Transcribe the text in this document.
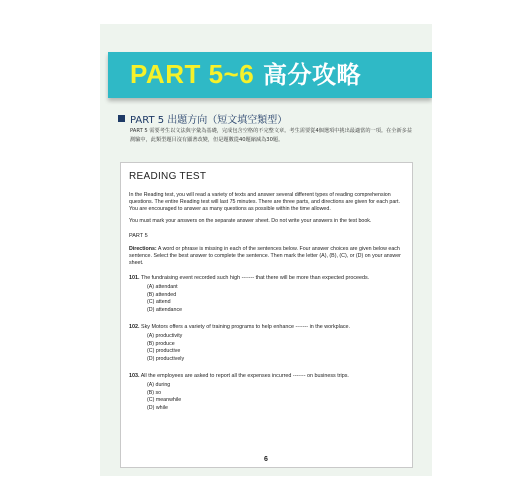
PART 5~6 高分攻略
PART 5 出題方向（短文填空類型）
PART 5 需要考生以文法與字彙為基礎，完成包含空格的不完整文章。考生需要從4個選項中挑出最適當的一項。在全新多益測驗中，此類型題目沒有顯著改變，但是題數從40題縮減為30題。
READING TEST

In the Reading test, you will read a variety of texts and answer several different types of reading comprehension questions. The entire Reading test will last 75 minutes. There are three parts, and directions are given for each part. You are encouraged to answer as many questions as possible within the time allowed.

You must mark your answers on the separate answer sheet. Do not write your answers in the test book.

PART 5

Directions: A word or phrase is missing in each of the sentences below. Four answer choices are given below each sentence. Select the best answer to complete the sentence. Then mark the letter (A), (B), (C), or (D) on your answer sheet.

101. The fundraising event recorded such high ------- that there will be more than expected proceeds.
(A) attendant
(B) attended
(C) attend
(D) attendance
102. Sky Motors offers a variety of training programs to help enhance ------- in the workplace.
(A) productivity
(B) produce
(C) productive
(D) productively
103. All the employees are asked to report all the expenses incurred ------- on business trips.
(A) during
(B) so
(C) meanwhile
(D) while
6
